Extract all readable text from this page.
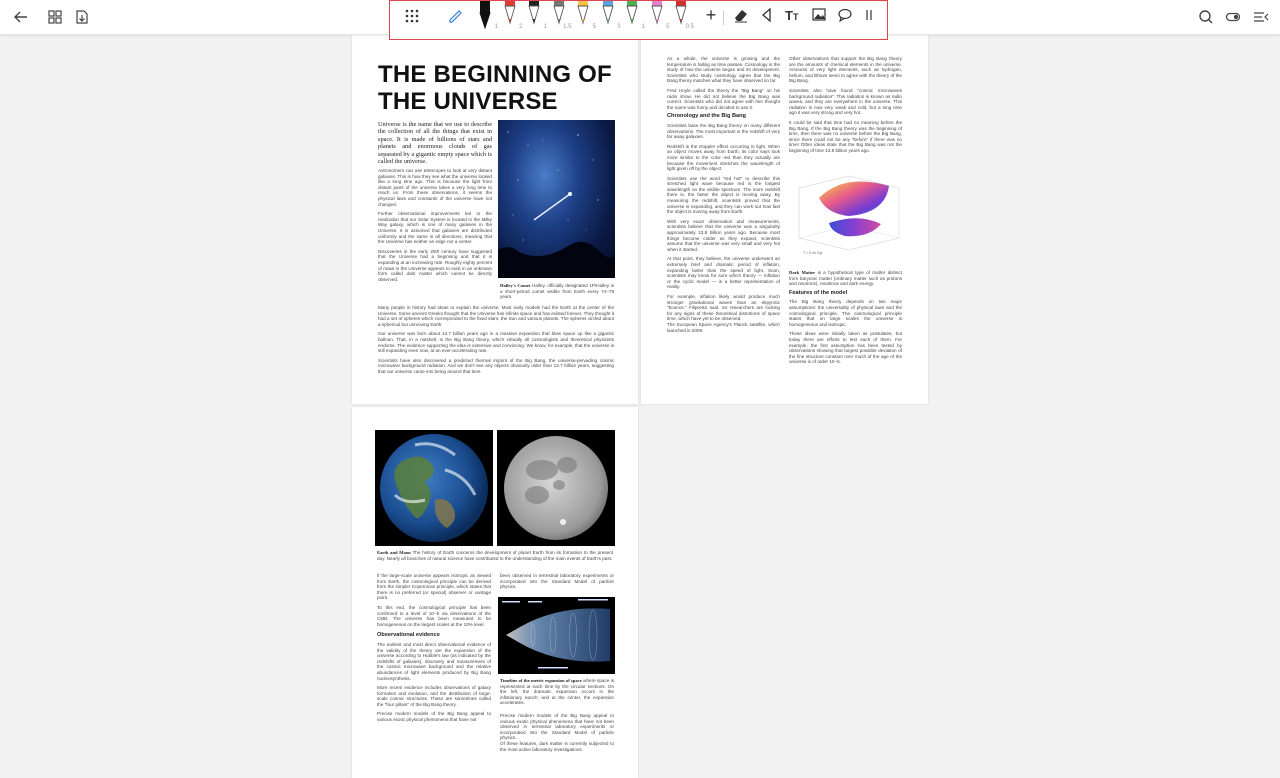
1	2	1	1.5	5	3	1	5	0.5
+	T T
THE BEGINNING OF
THE UNIVERSE
Universe is the name that we use to describe the collection of all the things that exist in space. It is made of billions of stars and planets and enormous clouds of gas separated by a gigantic empty space which is called the universe.

Astronomers can use telescopes to look at very distant galaxies. This is how they see what the universe looked like a long time ago. This is because the light from distant parts of the universe takes a very long time to reach us. From these observations, it seems the physical laws and constants of the universe have not changed.

Further observational improvements led to the realization that our Solar System is located in the Milky Way galaxy, which is one of many galaxies in the Universe. It is assumed that galaxies are distributed uniformly and the same in all directions, meaning that the Universe has neither an edge nor a center.

Discoveries in the early 20th century have suggested that the Universe had a beginning and that it is expanding at an increasing rate. Roughly eighty percent of mass in the Universe appears to exist in an unknown form called dark matter which cannot be directly observed.

Halley's Comet Halley, officially designated 1P/Halley is a short-period comet visible from Earth every 74–79 years.

Many people in history had ideas to explain the universe. Most early models had the Earth at the center of the Universe. Some ancient Greeks thought that the Universe has infinite space and has existed forever. They thought it had a set of spheres which corresponded to the fixed stars, the Sun and various planets. The spheres circled about a spherical but unmoving Earth.

Our universe was born about 13.7 billion years ago in a massive expansion that blew space up like a gigantic balloon. That, in a nutshell, is the Big Bang theory, which virtually all cosmologists and theoretical physicists endorse. The evidence supporting the idea is extensive and convincing. We know, for example, that the universe is still expanding even now, at an ever-accelerating rate.

Scientists have also discovered a predicted thermal imprint of the Big Bang, the universe-pervading cosmic microwave background radiation. And we don't see any objects obviously older than 13.7 billion years, suggesting that our universe came into being around that time.

As a whole, the universe is growing and the temperature is falling as time passes. Cosmology is the study of how the universe began and its development. Scientists who study cosmology agree that the Big Bang theory matches what they have observed so far.

Fred Hoyle called the theory the "Big Bang" on his radio show. He did not believe the Big Bang was correct. Scientists who did not agree with him thought the name was funny and decided to use it.

Chronology and the Big Bang

Scientists base the Big Bang theory on many different observations. The most important is the redshift of very far away galaxies.

Redshift is the Doppler effect occurring in light. When an object moves away from Earth, its color says look more similar to the color red than they actually are because the movement stretches the wavelength of light given off by the object.

Scientists use the word "red hot" to describe this stretched light wave because red is the longest wavelength on the visible spectrum. The more redshift there is, the faster the object is moving away. By measuring the redshift, scientists proved that the universe is expanding, and they can work out how fast the object is moving away from Earth.

With very exact observation and measurements, scientists believe that the universe was a singularity approximately 13.8 billion years ago. Because most things become colder as they expand, scientists assume that the universe was very small and very hot when it started.

At that point, they believe, the universe underwent an extremely brief and dramatic period of inflation, expanding faster than the speed of light. Soon, scientists may know for sure which theory — inflation or the cyclic model — is a better representation of reality.

For example, inflation likely would produce much stronger gravitational waves than an ekpyrotic "bounce," Filipenko said. So researchers are looking for any signs of these theoretical distortions of space time, which have yet to be observed.

The European Space Agency's Planck satellite, which launched in 2009.

Other observations that support the Big Bang theory are the amounts of chemical elements in the universe. Amounts of very light elements, such as hydrogen, helium, and lithium seem to agree with the theory of the Big Bang.

Scientists also have found "cosmic microwaves background radiation". This radiation is known as radio waves, and they are everywhere in the universe. This radiation is now very weak and cold, but a long time ago it was very strong and very hot.

It could be said that time had no meaning before the Big Bang. If the Big Bang theory was the beginning of time, then there was no universe before the Big Bang, since there could not be any "before" if there was no time! Other ideas state that the Big Bang was not the beginning of time 13.8 billion years ago.

T = 0.44 Gyr

Dark Matter is a hypothetical type of matter distinct from baryonic matter (ordinary matter such as protons and neutrons), neutrinos and dark energy.

Features of the model

The Big Bang theory depends on two major assumptions: the universality of physical laws and the cosmological principle. The cosmological principle states that on large scales the universe is homogeneous and isotropic.

These ideas were initially taken as postulates, but today there are efforts to test each of them. For example, the first assumption has been tested by observations showing that largest possible deviation of the fine structure constant over much of the age of the universe is of order 10−5.

Earth and Moon The history of Earth concerns the development of planet Earth from its formation to the present day. Nearly all branches of natural science have contributed to the understanding of the main events of Earth's past.

If the large-scale universe appears isotropic as viewed from Earth, the cosmological principle can be derived from the simpler Copernican principle, which states that there is no preferred (or special) observer or vantage point.

To this end, the cosmological principle has been confirmed to a level of 10−5 via observations of the CMB. The universe has been measured to be homogeneous on the largest scales at the 10% level.

Observational evidence

The earliest and most direct observational evidence of the validity of the theory are the expansion of the universe according to Hubble's law (as indicated by the redshifts of galaxies), discovery and measurement of the cosmic microwave background and the relative abundances of light elements produced by Big Bang nucleosynthesis.

More recent evidence includes observations of galaxy formation and evolution, and the distribution of large-scale cosmic structures. These are sometimes called the "four pillars" of the Big Bang theory.

Precise modern models of the Big Bang appeal to various exotic physical phenomena that have not

been observed in terrestrial laboratory experiments or incorporated into the Standard Model of particle physics.

Timeline of the metric expansion of space where space is represented at each time by the circular sections. On the left, the dramatic expansion occurs in the inflationary epoch; and at the center, the expansion accelerates.

Precise modern models of the Big Bang appeal to various exotic physical phenomena that have not been observed in terrestrial laboratory experiments or incorporated into the Standard Model of particle physics.

Of these features, dark matter is currently subjected to the most active laboratory investigations.
